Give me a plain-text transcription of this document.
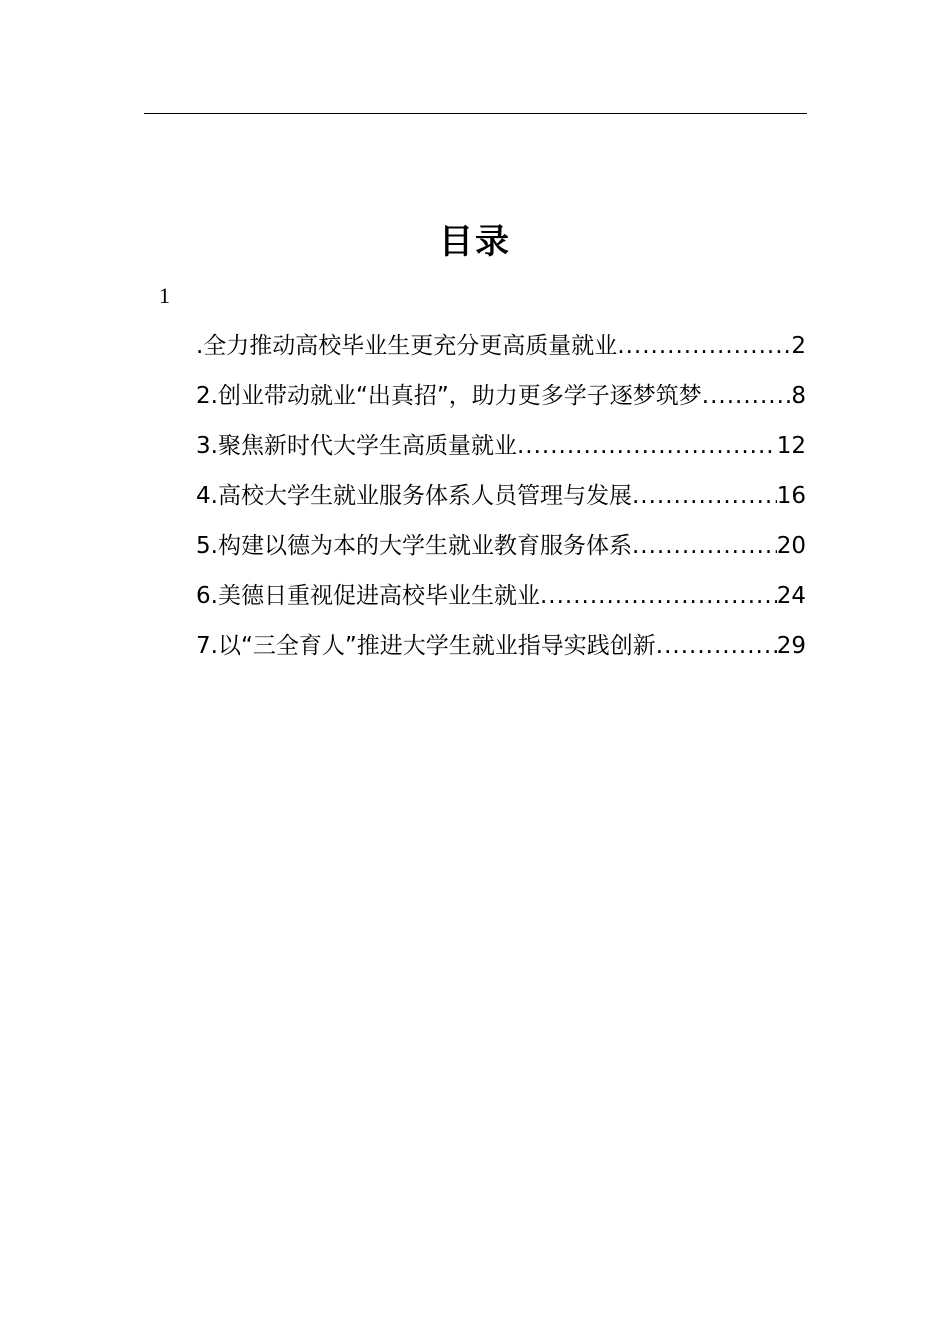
目录
1
.全力推动高校毕业生更充分更高质量就业 .....	2
2.创业带动就业“出真招”，助力更多学子逐梦筑梦 .....	8
3.聚焦新时代大学生高质量就业 .....	12
4.高校大学生就业服务体系人员管理与发展 .....	16
5.构建以德为本的大学生就业教育服务体系 .....	20
6.美德日重视促进高校毕业生就业 .....	24
7.以“三全育人”推进大学生就业指导实践创新 .....	29
